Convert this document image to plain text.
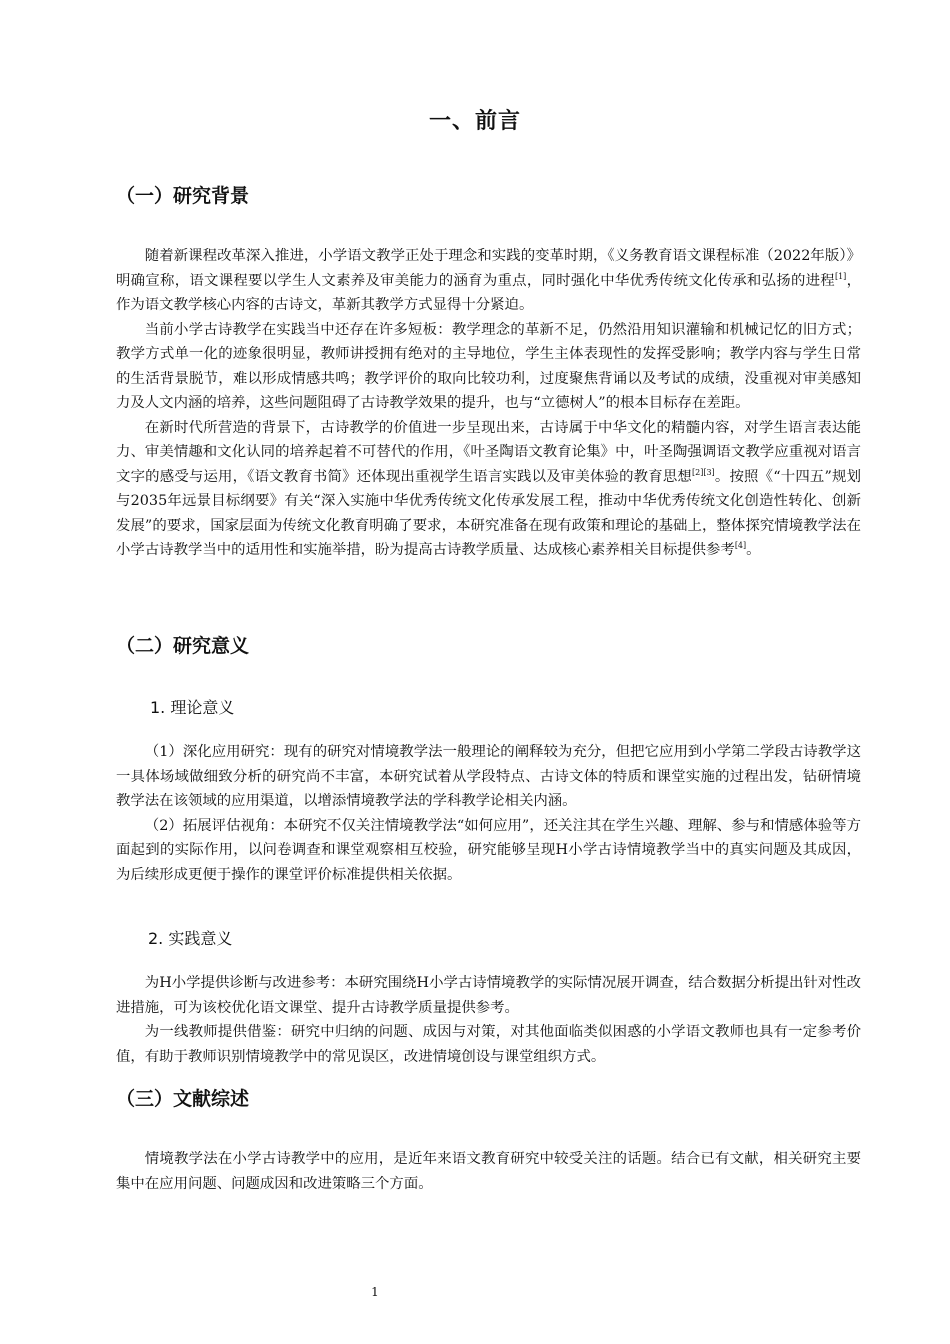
一、前言
（一）研究背景

随着新课程改革深入推进，小学语文教学正处于理念和实践的变革时期，《义务教育语文课程标准（2022年版）》明确宣称，语文课程要以学生人文素养及审美能力的涵育为重点，同时强化中华优秀传统文化传承和弘扬的进程[1]，作为语文教学核心内容的古诗文，革新其教学方式显得十分紧迫。

当前小学古诗教学在实践当中还存在许多短板：教学理念的革新不足，仍然沿用知识灌输和机械记忆的旧方式；教学方式单一化的迹象很明显，教师讲授拥有绝对的主导地位，学生主体表现性的发挥受影响；教学内容与学生日常的生活背景脱节，难以形成情感共鸣；教学评价的取向比较功利，过度聚焦背诵以及考试的成绩，没重视对审美感知力及人文内涵的培养，这些问题阻碍了古诗教学效果的提升，也与“立德树人”的根本目标存在差距。

在新时代所营造的背景下，古诗教学的价值进一步呈现出来，古诗属于中华文化的精髓内容，对学生语言表达能力、审美情趣和文化认同的培养起着不可替代的作用，《叶圣陶语文教育论集》中，叶圣陶强调语文教学应重视对语言文字的感受与运用，《语文教育书简》还体现出重视学生语言实践以及审美体验的教育思想[2][3]。按照《“十四五”规划与2035年远景目标纲要》有关“深入实施中华优秀传统文化传承发展工程，推动中华优秀传统文化创造性转化、创新发展”的要求，国家层面为传统文化教育明确了要求，本研究准备在现有政策和理论的基础上，整体探究情境教学法在小学古诗教学当中的适用性和实施举措，盼为提高古诗教学质量、达成核心素养相关目标提供参考[4]。

（二）研究意义
1. 理论意义

（1）深化应用研究：现有的研究对情境教学法一般理论的阐释较为充分，但把它应用到小学第二学段古诗教学这一具体场域做细致分析的研究尚不丰富，本研究试着从学段特点、古诗文体的特质和课堂实施的过程出发，钻研情境教学法在该领域的应用渠道，以增添情境教学法的学科教学论相关内涵。

（2）拓展评估视角：本研究不仅关注情境教学法“如何应用”，还关注其在学生兴趣、理解、参与和情感体验等方面起到的实际作用，以问卷调查和课堂观察相互校验，研究能够呈现H小学古诗情境教学当中的真实问题及其成因，为后续形成更便于操作的课堂评价标准提供相关依据。

2. 实践意义

为H小学提供诊断与改进参考：本研究围绕H小学古诗情境教学的实际情况展开调查，结合数据分析提出针对性改进措施，可为该校优化语文课堂、提升古诗教学质量提供参考。

为一线教师提供借鉴：研究中归纳的问题、成因与对策，对其他面临类似困惑的小学语文教师也具有一定参考价值，有助于教师识别情境教学中的常见误区，改进情境创设与课堂组织方式。

（三）文献综述

情境教学法在小学古诗教学中的应用，是近年来语文教育研究中较受关注的话题。结合已有文献，相关研究主要集中在应用问题、问题成因和改进策略三个方面。

1
